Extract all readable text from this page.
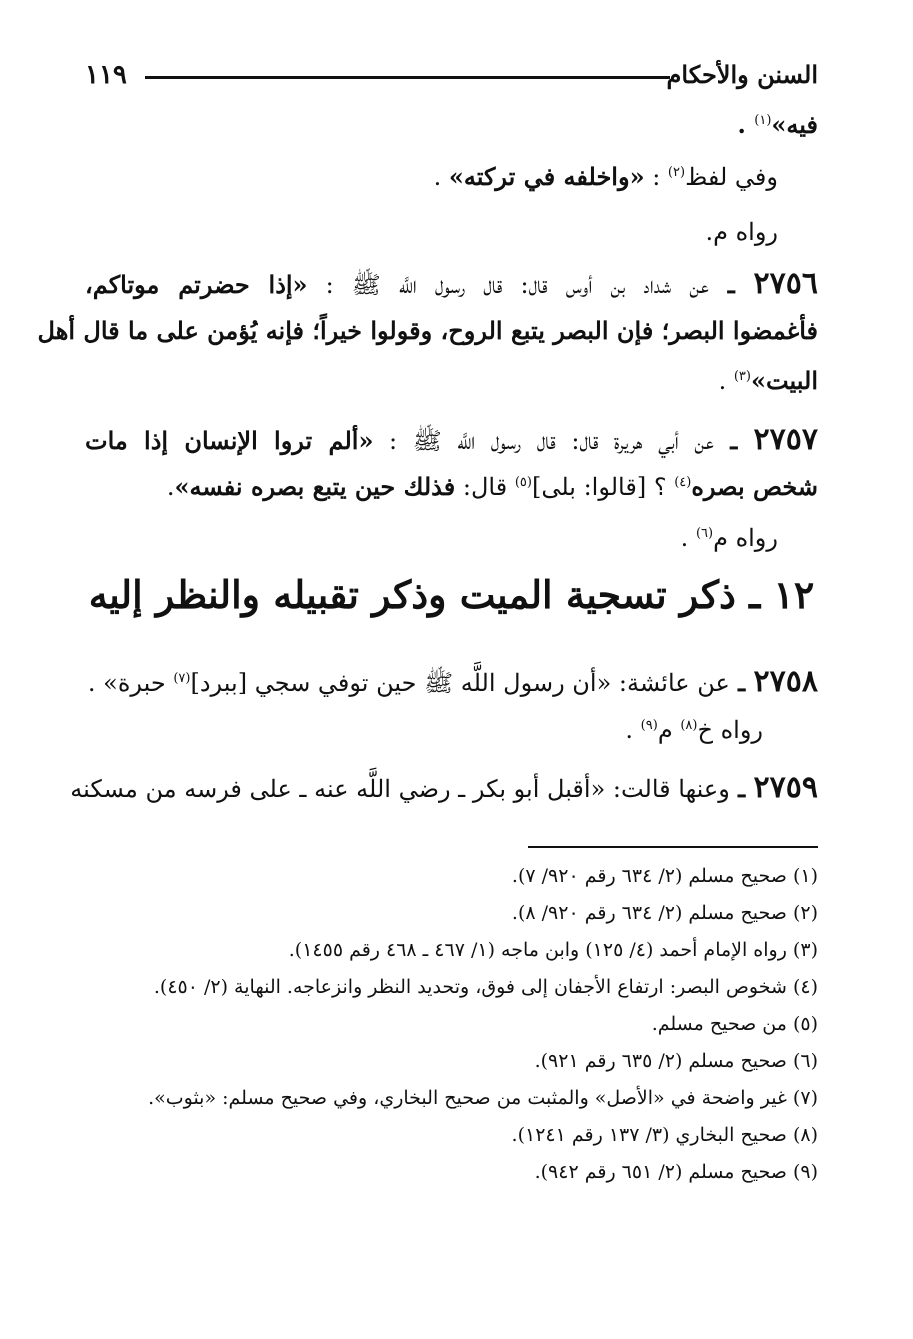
السنن والأحكام
١١٩
فيه»$^{(١)}$ .
وفي لفظ$^{(٢)}$ : «واخلفه في تركته» .
رواه م.
٢٧٥٦ ـ عن شداد بن أوس قال: قال رسول اللَّه ﷺ : «إذا حضرتم موتاكم،
فأغمضوا البصر؛ فإن البصر يتبع الروح، وقولوا خيراً؛ فإنه يُؤمن على ما قال أهل
البيت»$^{(٣)}$ .
٢٧٥٧ ـ عن أبي هريرة قال: قال رسول اللَّه ﷺ : «ألم تروا الإنسان إذا مات
شخص بصره$^{(٤)}$ ؟ [قالوا: بلى]$^{(٥)}$ قال: فذلك حين يتبع بصره نفسه».
رواه م$^{(٦)}$ .
١٢ ـ ذكر تسجية الميت وذكر تقبيله والنظر إليه
٢٧٥٨ ـ عن عائشة: «أن رسول اللَّه ﷺ حين توفي سجي [ببرد]$^{(٧)}$ حبرة» .
رواه خ$^{(٨)}$ م$^{(٩)}$ .
٢٧٥٩ ـ وعنها قالت: «أقبل أبو بكر ـ رضي اللَّه عنه ـ على فرسه من مسكنه
(١) صحيح مسلم (٢/ ٦٣٤ رقم ٩٢٠/ ٧).
(٢) صحيح مسلم (٢/ ٦٣٤ رقم ٩٢٠/ ٨).
(٣) رواه الإمام أحمد (٤/ ١٢٥) وابن ماجه (١/ ٤٦٧ ـ ٤٦٨ رقم ١٤٥٥).
(٤) شخوص البصر: ارتفاع الأجفان إلى فوق، وتحديد النظر وانزعاجه. النهاية (٢/ ٤٥٠).
(٥) من صحيح مسلم.
(٦) صحيح مسلم (٢/ ٦٣٥ رقم ٩٢١).
(٧) غير واضحة في «الأصل» والمثبت من صحيح البخاري، وفي صحيح مسلم: «بثوب».
(٨) صحيح البخاري (٣/ ١٣٧ رقم ١٢٤١).
(٩) صحيح مسلم (٢/ ٦٥١ رقم ٩٤٢).
